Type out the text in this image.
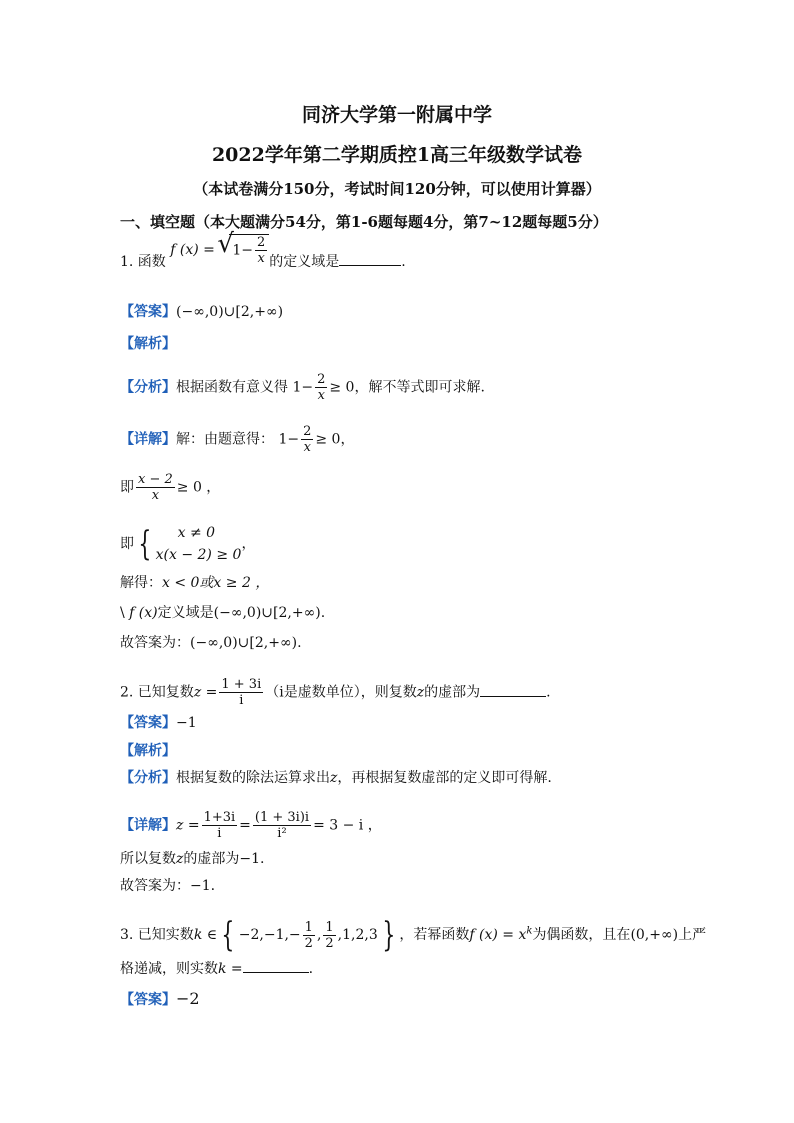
同济大学第一附属中学
2022学年第二学期质控1高三年级数学试卷
（本试卷满分150分，考试时间120分钟，可以使用计算器）
一、填空题（本大题满分54分，第1-6题每题4分，第7~12题每题5分）
1. 函数 f (x) = √ $1- \frac{2}{x}$ 的定义域是	.
【答案】(−∞,0)∪[2,+∞)
【解析】
【分析】根据函数有意义得 $1- \frac{2}{x} \ge 0$，解不等式即可求解.
【详解】解：由题意得： $1- \frac{2}{x} \ge 0$，
即 $\frac{x - 2}{x} \ge 0$ ，
即 {	x ≠ 0
x(x − 2) ≥ 0
，
解得：x < 0或x ≥ 2 ，
\ f (x)定义域是(−∞,0)∪[2,+∞).
故答案为：(−∞,0)∪[2,+∞).
2. 已知复数$z = \frac{1 + 3i}{i} (i$是虚数单位），则复数z的虚部为	.
【答案】−1
【解析】
【分析】根据复数的除法运算求出z，再根据复数虚部的定义即可得解.
【详解】$z = \frac{1+3i}{i} = \frac{(1 + 3i)i}{\text{i²}} = 3 - i$ ，
所以复数z的虚部为−1.
故答案为：−1.
3. 已知实数k ∈ { $-2,-1,- \frac{1}{2}$ , $\frac{1}{2} ,1,2,3$ } ，若幂函数f $(x) = x^k$为偶函数，且在(0,+∞)上严
格递减，则实数k =	.
【答案】−2
